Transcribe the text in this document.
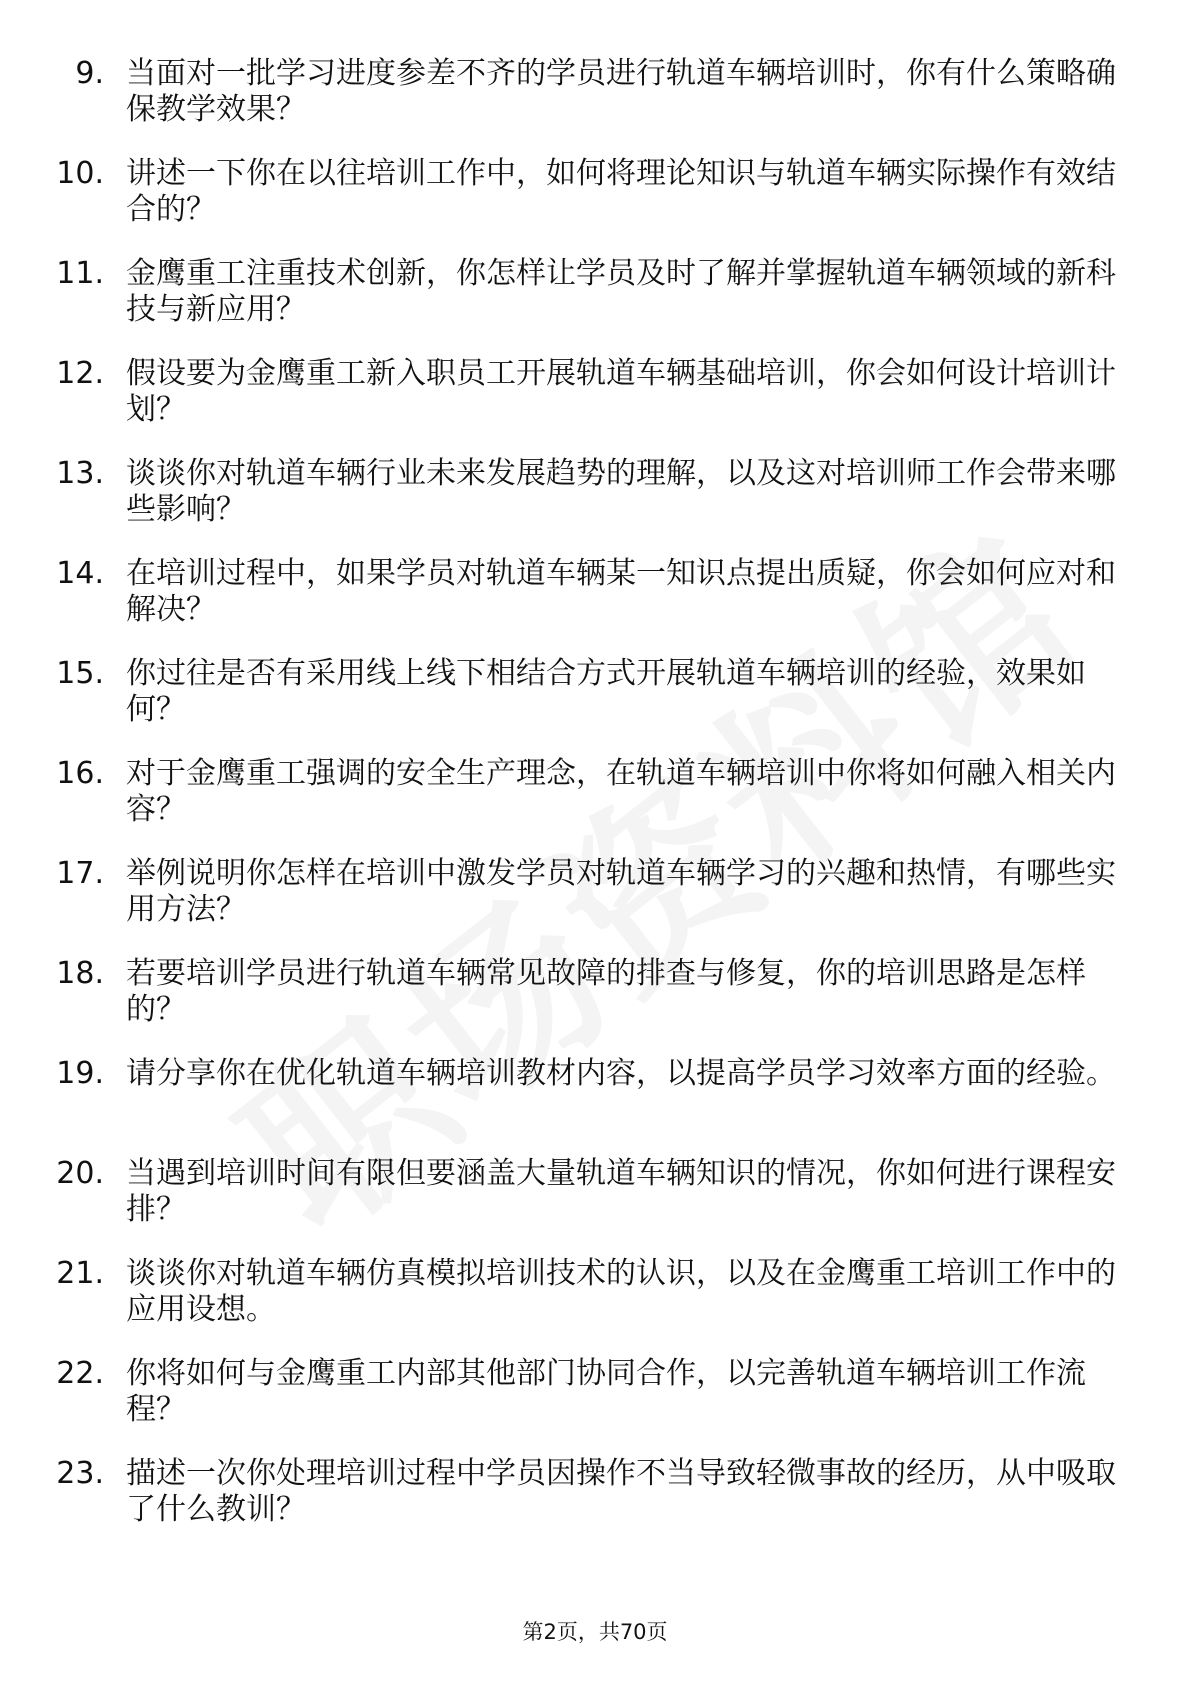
9. 当面对一批学习进度参差不齐的学员进行轨道车辆培训时，你有什么策略确保教学效果？
10. 讲述一下你在以往培训工作中，如何将理论知识与轨道车辆实际操作有效结合的？
11. 金鹰重工注重技术创新，你怎样让学员及时了解并掌握轨道车辆领域的新科技与新应用？
12. 假设要为金鹰重工新入职员工开展轨道车辆基础培训，你会如何设计培训计划？
13. 谈谈你对轨道车辆行业未来发展趋势的理解，以及这对培训师工作会带来哪些影响？
14. 在培训过程中，如果学员对轨道车辆某一知识点提出质疑，你会如何应对和解决？
15. 你过往是否有采用线上线下相结合方式开展轨道车辆培训的经验，效果如何？
16. 对于金鹰重工强调的安全生产理念，在轨道车辆培训中你将如何融入相关内容？
17. 举例说明你怎样在培训中激发学员对轨道车辆学习的兴趣和热情，有哪些实用方法？
18. 若要培训学员进行轨道车辆常见故障的排查与修复，你的培训思路是怎样的？
19. 请分享你在优化轨道车辆培训教材内容，以提高学员学习效率方面的经验。
20. 当遇到培训时间有限但要涵盖大量轨道车辆知识的情况，你如何进行课程安排？
21. 谈谈你对轨道车辆仿真模拟培训技术的认识，以及在金鹰重工培训工作中的应用设想。
22. 你将如何与金鹰重工内部其他部门协同合作，以完善轨道车辆培训工作流程？
23. 描述一次你处理培训过程中学员因操作不当导致轻微事故的经历，从中吸取了什么教训？
第2页，共70页
